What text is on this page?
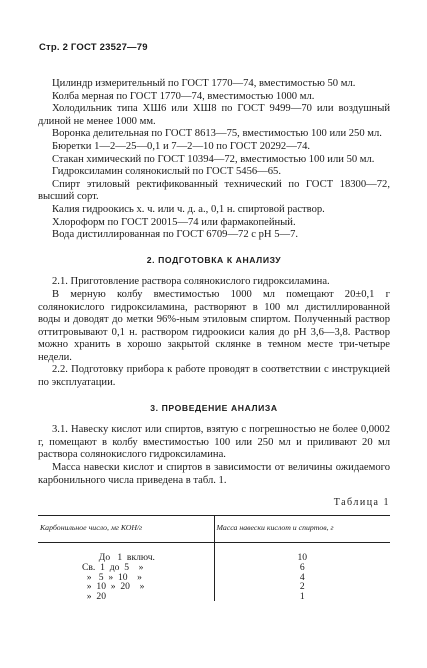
Стр. 2 ГОСТ 23527—79

Цилиндр измерительный по ГОСТ 1770—74, вместимостью 50 мл.

Колба мерная по ГОСТ 1770—74, вместимостью 1000 мл.

Холодильник типа ХШ6 или ХШ8 по ГОСТ 9499—70 или воздушный длиной не менее 1000 мм.

Воронка делительная по ГОСТ 8613—75, вместимостью 100 или 250 мл.

Бюретки 1—2—25—0,1 и 7—2—10 по ГОСТ 20292—74.

Стакан химический по ГОСТ 10394—72, вместимостью 100 или 50 мл.

Гидроксиламин солянокислый по ГОСТ 5456—65.

Спирт этиловый ректификованный технический по ГОСТ 18300—72, высший сорт.

Калия гидроокись х. ч. или ч. д. а., 0,1 н. спиртовой раствор.

Хлороформ по ГОСТ 20015—74 или фармакопейный.

Вода дистиллированная по ГОСТ 6709—72 с pH 5—7.

2. ПОДГОТОВКА К АНАЛИЗУ

2.1. Приготовление раствора солянокислого гидроксиламина.

В мерную колбу вместимостью 1000 мл помещают 20±0,1 г солянокислого гидроксиламина, растворяют в 100 мл дистиллированной воды и доводят до метки 96%-ным этиловым спиртом. Полученный раствор оттитровывают 0,1 н. раствором гидроокиси калия до pH 3,6—3,8. Раствор можно хранить в хорошо закрытой склянке в темном месте три-четыре недели.

2.2. Подготовку прибора к работе проводят в соответствии с инструкцией по эксплуатации.

3. ПРОВЕДЕНИЕ АНАЛИЗА

3.1. Навеску кислот или спиртов, взятую с погрешностью не более 0,0002 г, помещают в колбу вместимостью 100 или 250 мл и приливают 20 мл раствора солянокислого гидроксиламина.

Масса навески кислот и спиртов в зависимости от величины ожидаемого карбонильного числа приведена в табл. 1.

Таблица 1

Карбонильное число, мг КОН/г	Масса навески кислот и спиртов, г
До   1  включ.	10
Св.  1  до  5    »	6
»   5  »  10    »	4
»  10  »  20    »	2
»  20	1
